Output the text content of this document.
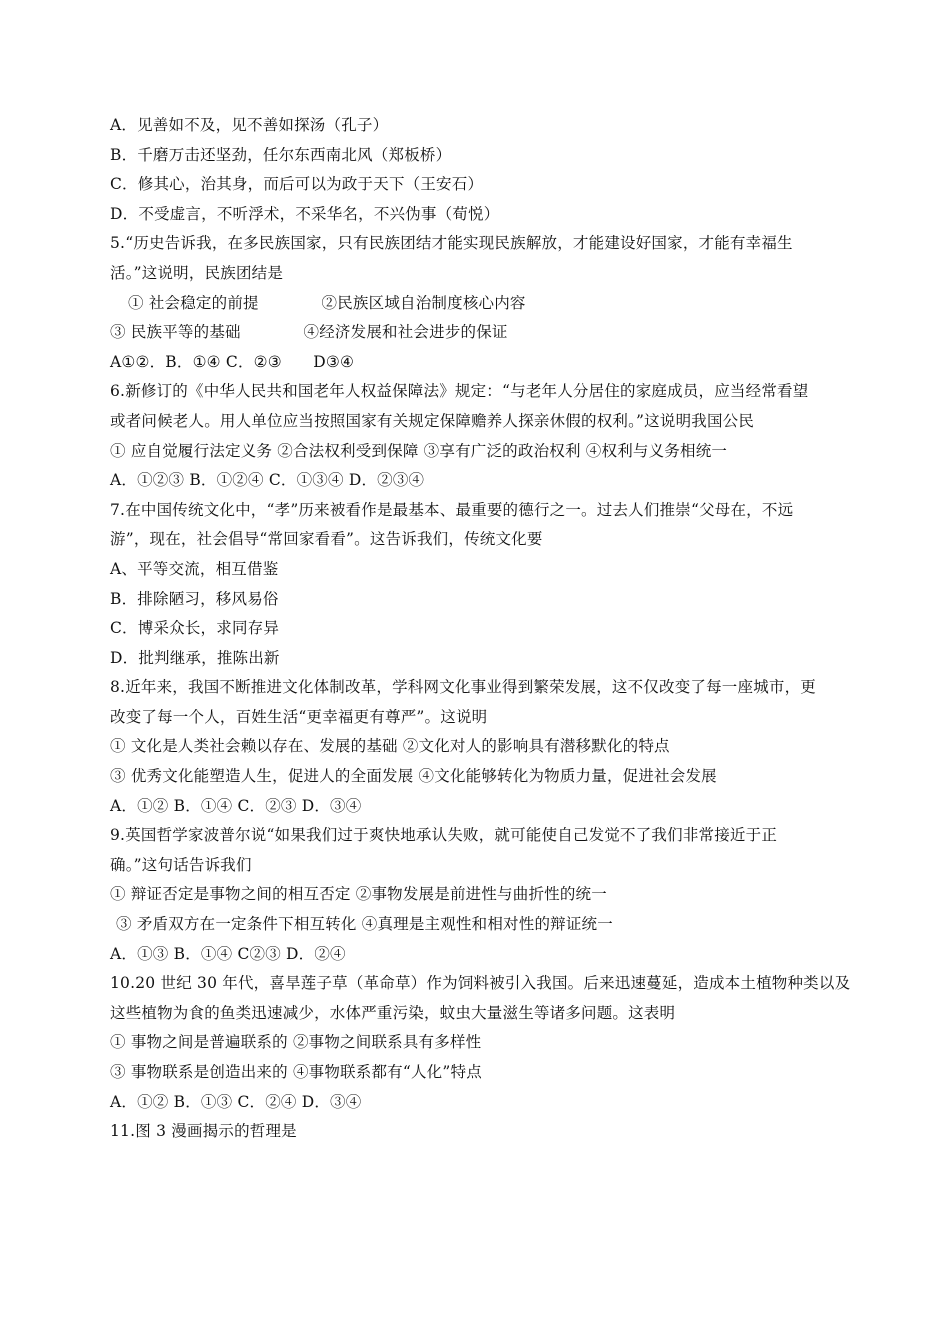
A．见善如不及，见不善如探汤（孔子）
B．千磨万击还坚劲，任尔东西南北风（郑板桥）
C．修其心，治其身，而后可以为政于天下（王安石）
D．不受虚言，不听浮术，不采华名，不兴伪事（荀悦）
5.“历史告诉我，在多民族国家，只有民族团结才能实现民族解放，才能建设好国家，才能有幸福生
活。”这说明，民族团结是
① 社会稳定的前提　　　　②民族区域自治制度核心内容
③ 民族平等的基础　　　　④经济发展和社会进步的保证
A①②．B．①④ C．②③　　D③④
6.新修订的《中华人民共和国老年人权益保障法》规定：“与老年人分居住的家庭成员，应当经常看望
或者问候老人。用人单位应当按照国家有关规定保障赡养人探亲休假的权利。”这说明我国公民
① 应自觉履行法定义务 ②合法权利受到保障 ③享有广泛的政治权利 ④权利与义务相统一
A．①②③ B．①②④ C．①③④ D．②③④
7.在中国传统文化中，“孝”历来被看作是最基本、最重要的德行之一。过去人们推崇“父母在，不远
游”，现在，社会倡导“常回家看看”。这告诉我们，传统文化要
A、平等交流，相互借鉴
B．排除陋习，移风易俗
C．博采众长，求同存异
D．批判继承，推陈出新
8.近年来，我国不断推进文化体制改革，学科网文化事业得到繁荣发展，这不仅改变了每一座城市，更
改变了每一个人，百姓生活“更幸福更有尊严”。这说明
① 文化是人类社会赖以存在、发展的基础 ②文化对人的影响具有潜移默化的特点
③ 优秀文化能塑造人生，促进人的全面发展 ④文化能够转化为物质力量，促进社会发展
A．①② B．①④ C．②③ D．③④
9.英国哲学家波普尔说“如果我们过于爽快地承认失败，就可能使自己发觉不了我们非常接近于正
确。”这句话告诉我们
① 辩证否定是事物之间的相互否定 ②事物发展是前进性与曲折性的统一
③ 矛盾双方在一定条件下相互转化 ④真理是主观性和相对性的辩证统一
A．①③ B．①④ C②③ D．②④
10.20 世纪 30 年代，喜旱莲子草（革命草）作为饲料被引入我国。后来迅速蔓延，造成本土植物种类以及
这些植物为食的鱼类迅速减少，水体严重污染，蚊虫大量滋生等诸多问题。这表明
① 事物之间是普遍联系的 ②事物之间联系具有多样性
③ 事物联系是创造出来的 ④事物联系都有“人化”特点
A．①② B．①③ C．②④ D．③④
11.图 3 漫画揭示的哲理是
